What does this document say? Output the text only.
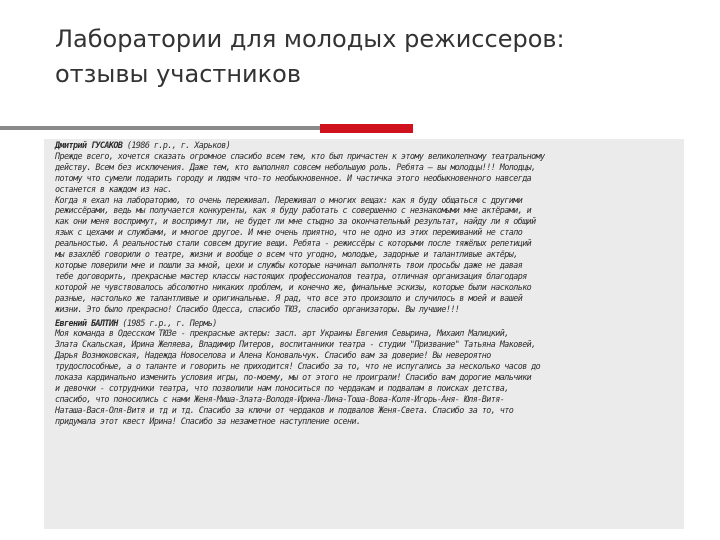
Лаборатории для молодых режиссеров:
отзывы участников
Дмитрий ГУСАКОВ (1986 г.р., г. Харьков)
Прежде всего, хочется сказать огромное спасибо всем тем, кто был причастен к этому великолепному театральному
действу. Всем без исключения. Даже тем, кто выполнял совсем небольшую роль. Ребята – вы молодцы!!! Молодцы,
потому что сумели подарить городу и людям что-то необыкновенное. И частичка этого необыкновенного навсегда
останется в каждом из нас.
Когда я ехал на лабораторию, то очень переживал. Переживал о многих вещах: как я буду общаться с другими
режиссёрами, ведь мы получается конкуренты, как я буду работать с совершенно с незнакомыми мне актёрами, и
как они меня воспримут, и воспримут ли, не будет ли мне стыдно за окончательный результат, найду ли я общий
язык с цехами и службами, и многое другое. И мне очень приятно, что не одно из этих переживаний не стало
реальностью. А реальностью стали совсем другие вещи. Ребята - режиссёры с которыми после тяжёлых репетиций
мы взахлёб говорили о театре, жизни и вообще о всем что угодно, молодые, задорные и талантливые актёры,
которые поверили мне и пошли за мной, цехи и службы которые начинал выполнять твои просьбы даже не давая
тебе договорить, прекрасные мастер классы настоящих профессионалов театра, отличная организация благодаря
которой не чувствовалось абсолютно никаких проблем, и конечно же, финальные эскизы, которые были насколько
разные, настолько же талантливые и оригинальные. Я рад, что все это произошло и случилось в моей и вашей
жизни. Это было прекрасно! Спасибо Одесса, спасибо ТЮЗ, спасибо организаторы. Вы лучшие!!!
Евгений БАЛТИН (1985 г.р., г. Пермь)
Моя команда в Одесском ТЮЗе - прекрасные актеры: засл. арт Украины Евгения Севырина, Михаил Малицкий,
Злата Скальская, Ирина Желяева, Владимир Питеров, воспитанники театра - студии "Призвание" Татьяна Маковей,
Дарья Вознюковская, Надежда Новоселова и Алена Коновальчук. Спасибо вам за доверие! Вы невероятно
трудоспособные, а о таланте и говорить не приходится! Спасибо за то, что не испугались за несколько часов до
показа кардинально изменить условия игры, по-моему, мы от этого не проиграли! Спасибо вам дорогие мальчики
и девочки - сотрудники театра, что позволили нам поноситься по чердакам и подвалам в поисках детства,
спасибо, что поносились с нами Женя-Миша-Злата-Володя-Ирина-Лина-Тоша-Вова-Коля-Игорь-Аня- Юля-Витя-
Наташа-Вася-Оля-Витя и тд и тд. Спасибо за ключи от чердаков и подвалов Женя-Света. Спасибо за то, что
придумала этот квест Ирина! Спасибо за незаметное наступление осени.
